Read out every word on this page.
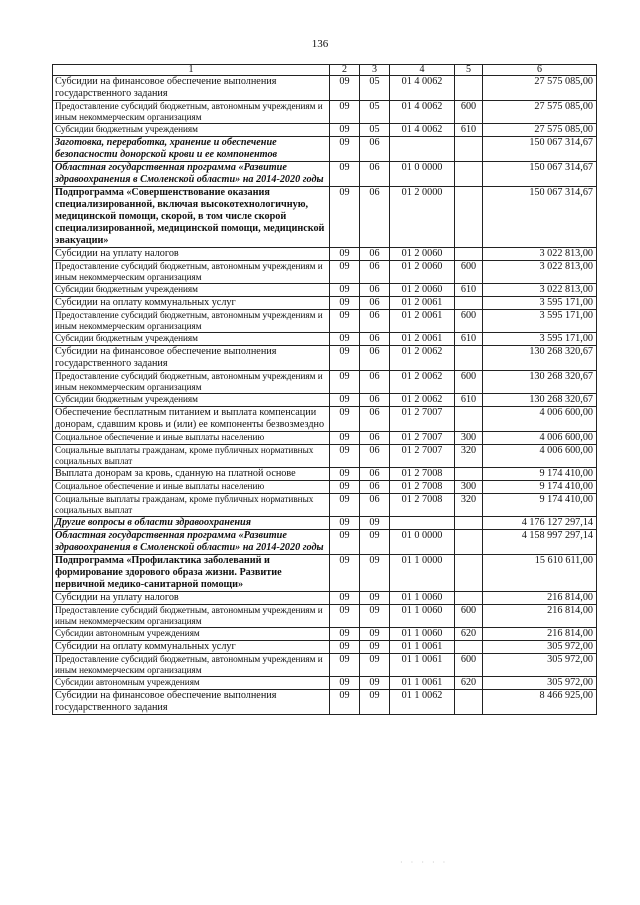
136
1	2	3	4	5	6
Субсидии на финансовое обеспечение выполнения государственного задания	09	05	01 4 0062		27 575 085,00
Предоставление субсидий бюджетным, автономным учреждениям и иным некоммерческим организациям	09	05	01 4 0062	600	27 575 085,00
Субсидии бюджетным учреждениям	09	05	01 4 0062	610	27 575 085,00
Заготовка, переработка, хранение и обеспечение безопасности донорской крови и ее компонентов	09	06			150 067 314,67
Областная государственная программа «Развитие здравоохранения в Смоленской области» на 2014-2020 годы	09	06	01 0 0000		150 067 314,67
Подпрограмма «Совершенствование оказания специализированной, включая высокотехнологичную, медицинской помощи, скорой, в том числе скорой специализированной, медицинской помощи, медицинской эвакуации»	09	06	01 2 0000		150 067 314,67
Субсидии на уплату налогов	09	06	01 2 0060		3 022 813,00
Предоставление субсидий бюджетным, автономным учреждениям и иным некоммерческим организациям	09	06	01 2 0060	600	3 022 813,00
Субсидии бюджетным учреждениям	09	06	01 2 0060	610	3 022 813,00
Субсидии на оплату коммунальных услуг	09	06	01 2 0061		3 595 171,00
Предоставление субсидий бюджетным, автономным учреждениям и иным некоммерческим организациям	09	06	01 2 0061	600	3 595 171,00
Субсидии бюджетным учреждениям	09	06	01 2 0061	610	3 595 171,00
Субсидии на финансовое обеспечение выполнения государственного задания	09	06	01 2 0062		130 268 320,67
Предоставление субсидий бюджетным, автономным учреждениям и иным некоммерческим организациям	09	06	01 2 0062	600	130 268 320,67
Субсидии бюджетным учреждениям	09	06	01 2 0062	610	130 268 320,67
Обеспечение бесплатным питанием и выплата компенсации донорам, сдавшим кровь и (или) ее компоненты безвозмездно	09	06	01 2 7007		4 006 600,00
Социальное обеспечение и иные выплаты населению	09	06	01 2 7007	300	4 006 600,00
Социальные выплаты гражданам, кроме публичных нормативных социальных выплат	09	06	01 2 7007	320	4 006 600,00
Выплата донорам за кровь, сданную на платной основе	09	06	01 2 7008		9 174 410,00
Социальное обеспечение и иные выплаты населению	09	06	01 2 7008	300	9 174 410,00
Социальные выплаты гражданам, кроме публичных нормативных социальных выплат	09	06	01 2 7008	320	9 174 410,00
Другие вопросы в области здравоохранения	09	09			4 176 127 297,14
Областная государственная программа «Развитие здравоохранения в Смоленской области» на 2014-2020 годы	09	09	01 0 0000		4 158 997 297,14
Подпрограмма «Профилактика заболеваний и формирование здорового образа жизни. Развитие первичной медико-санитарной помощи»	09	09	01 1 0000		15 610 611,00
Субсидии на уплату налогов	09	09	01 1 0060		216 814,00
Предоставление субсидий бюджетным, автономным учреждениям и иным некоммерческим организациям	09	09	01 1 0060	600	216 814,00
Субсидии автономным учреждениям	09	09	01 1 0060	620	216 814,00
Субсидии на оплату коммунальных услуг	09	09	01 1 0061		305 972,00
Предоставление субсидий бюджетным, автономным учреждениям и иным некоммерческим организациям	09	09	01 1 0061	600	305 972,00
Субсидии автономным учреждениям	09	09	01 1 0061	620	305 972,00
Субсидии на финансовое обеспечение выполнения государственного задания	09	09	01 1 0062		8 466 925,00
· · · · ·
